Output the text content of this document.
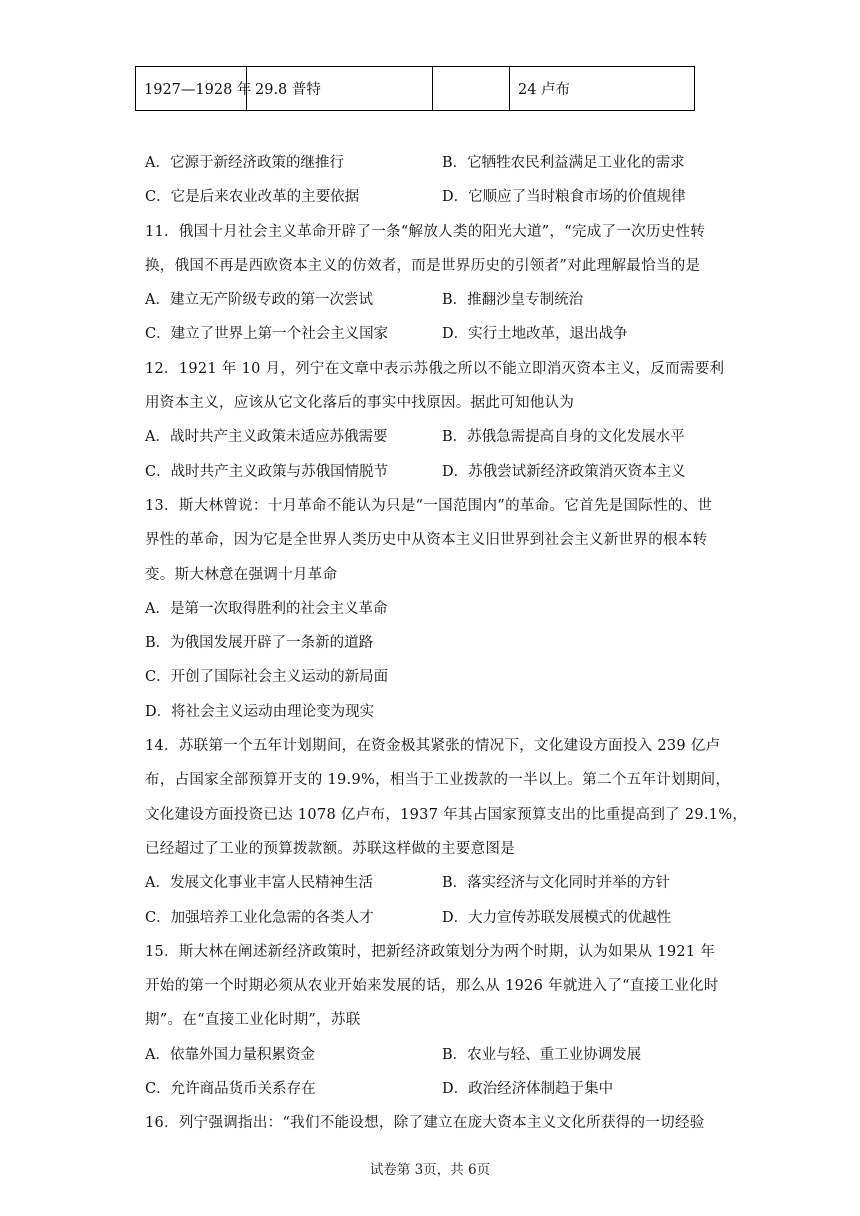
1927—1928 年	29.8 普特		24 卢布
A．它源于新经济政策的继推行	B．它牺牲农民利益满足工业化的需求
C．它是后来农业改革的主要依据	D．它顺应了当时粮食市场的价值规律
11．俄国十月社会主义革命开辟了一条“解放人类的阳光大道”，“完成了一次历史性转
换，俄国不再是西欧资本主义的仿效者，而是世界历史的引领者”对此理解最恰当的是
A．建立无产阶级专政的第一次尝试	B．推翻沙皇专制统治
C．建立了世界上第一个社会主义国家	D．实行土地改革，退出战争
12．1921 年 10 月，列宁在文章中表示苏俄之所以不能立即消灭资本主义，反而需要利
用资本主义，应该从它文化落后的事实中找原因。据此可知他认为
A．战时共产主义政策未适应苏俄需要	B．苏俄急需提高自身的文化发展水平
C．战时共产主义政策与苏俄国情脱节	D．苏俄尝试新经济政策消灭资本主义
13．斯大林曾说：十月革命不能认为只是“一国范围内”的革命。它首先是国际性的、世
界性的革命，因为它是全世界人类历史中从资本主义旧世界到社会主义新世界的根本转
变。斯大林意在强调十月革命
A．是第一次取得胜利的社会主义革命
B．为俄国发展开辟了一条新的道路
C．开创了国际社会主义运动的新局面
D．将社会主义运动由理论变为现实
14．苏联第一个五年计划期间，在资金极其紧张的情况下，文化建设方面投入 239 亿卢
布，占国家全部预算开支的 19.9%，相当于工业拨款的一半以上。第二个五年计划期间，
文化建设方面投资已达 1078 亿卢布，1937 年其占国家预算支出的比重提高到了 29.1%，
已经超过了工业的预算拨款额。苏联这样做的主要意图是
A．发展文化事业丰富人民精神生活	B．落实经济与文化同时并举的方针
C．加强培养工业化急需的各类人才	D．大力宣传苏联发展模式的优越性
15．斯大林在阐述新经济政策时，把新经济政策划分为两个时期，认为如果从 1921 年
开始的第一个时期必须从农业开始来发展的话，那么从 1926 年就进入了“直接工业化时
期”。在“直接工业化时期”，苏联
A．依靠外国力量积累资金	B．农业与轻、重工业协调发展
C．允许商品货币关系存在	D．政治经济体制趋于集中
16．列宁强调指出：“我们不能设想，除了建立在庞大资本主义文化所获得的一切经验
试卷第 3页，共 6页
